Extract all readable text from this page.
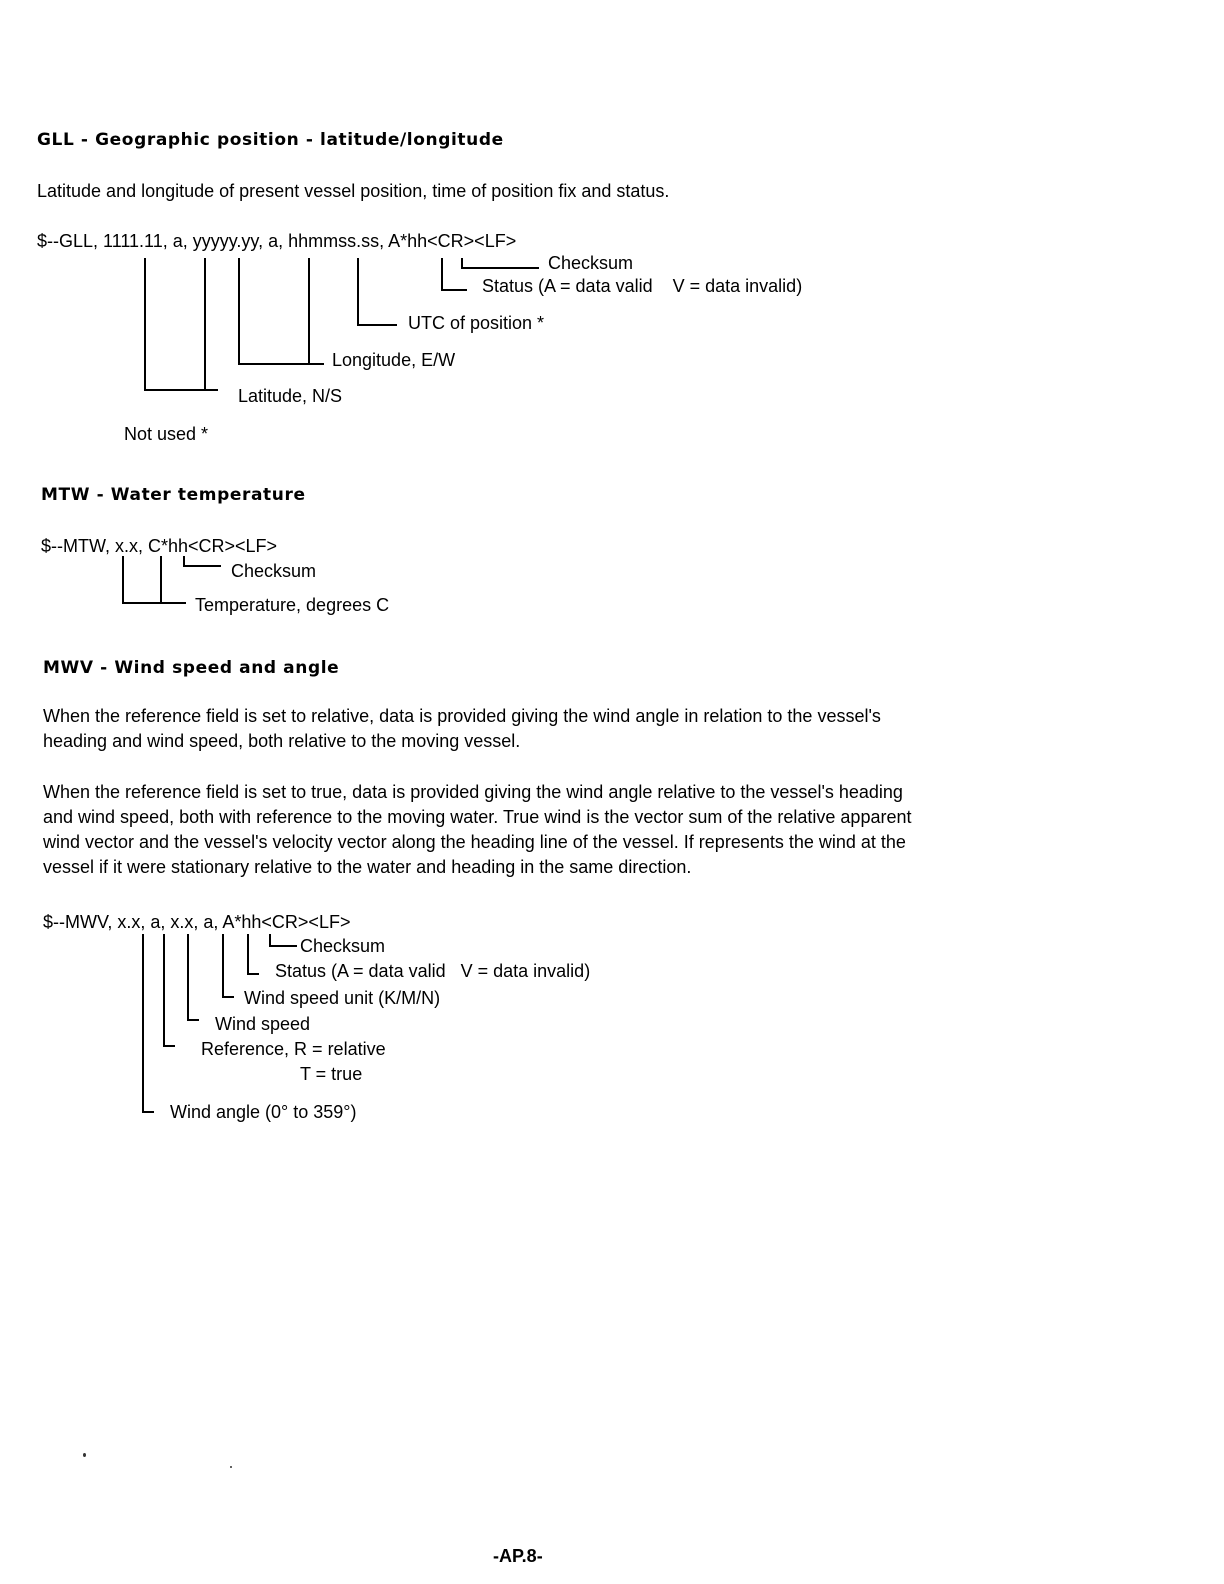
GLL - Geographic position - latitude/longitude
Latitude and longitude of present vessel position, time of position fix and status.
$--GLL, 1111.11, a, yyyyy.yy, a, hhmmss.ss, A*hh<CR><LF>
Checksum
Status (A = data valid    V = data invalid)
UTC of position *
Longitude, E/W
Latitude, N/S
Not used *
MTW - Water temperature
$--MTW, x.x, C*hh<CR><LF>
Checksum
Temperature, degrees C
MWV - Wind speed and angle
When the reference field is set to relative, data is provided giving the wind angle in relation to the vessel's
heading and wind speed, both relative to the moving vessel.
When the reference field is set to true, data is provided giving the wind angle relative to the vessel's heading
and wind speed, both with reference to the moving water. True wind is the vector sum of the relative apparent
wind vector and the vessel's velocity vector along the heading line of the vessel. If represents the wind at the
vessel if it were stationary relative to the water and heading in the same direction.
$--MWV, x.x, a, x.x, a, A*hh<CR><LF>
Checksum
Status (A = data valid   V = data invalid)
Wind speed unit (K/M/N)
Wind speed
Reference, R = relative
T = true
Wind angle (0° to 359°)
-AP.8-
